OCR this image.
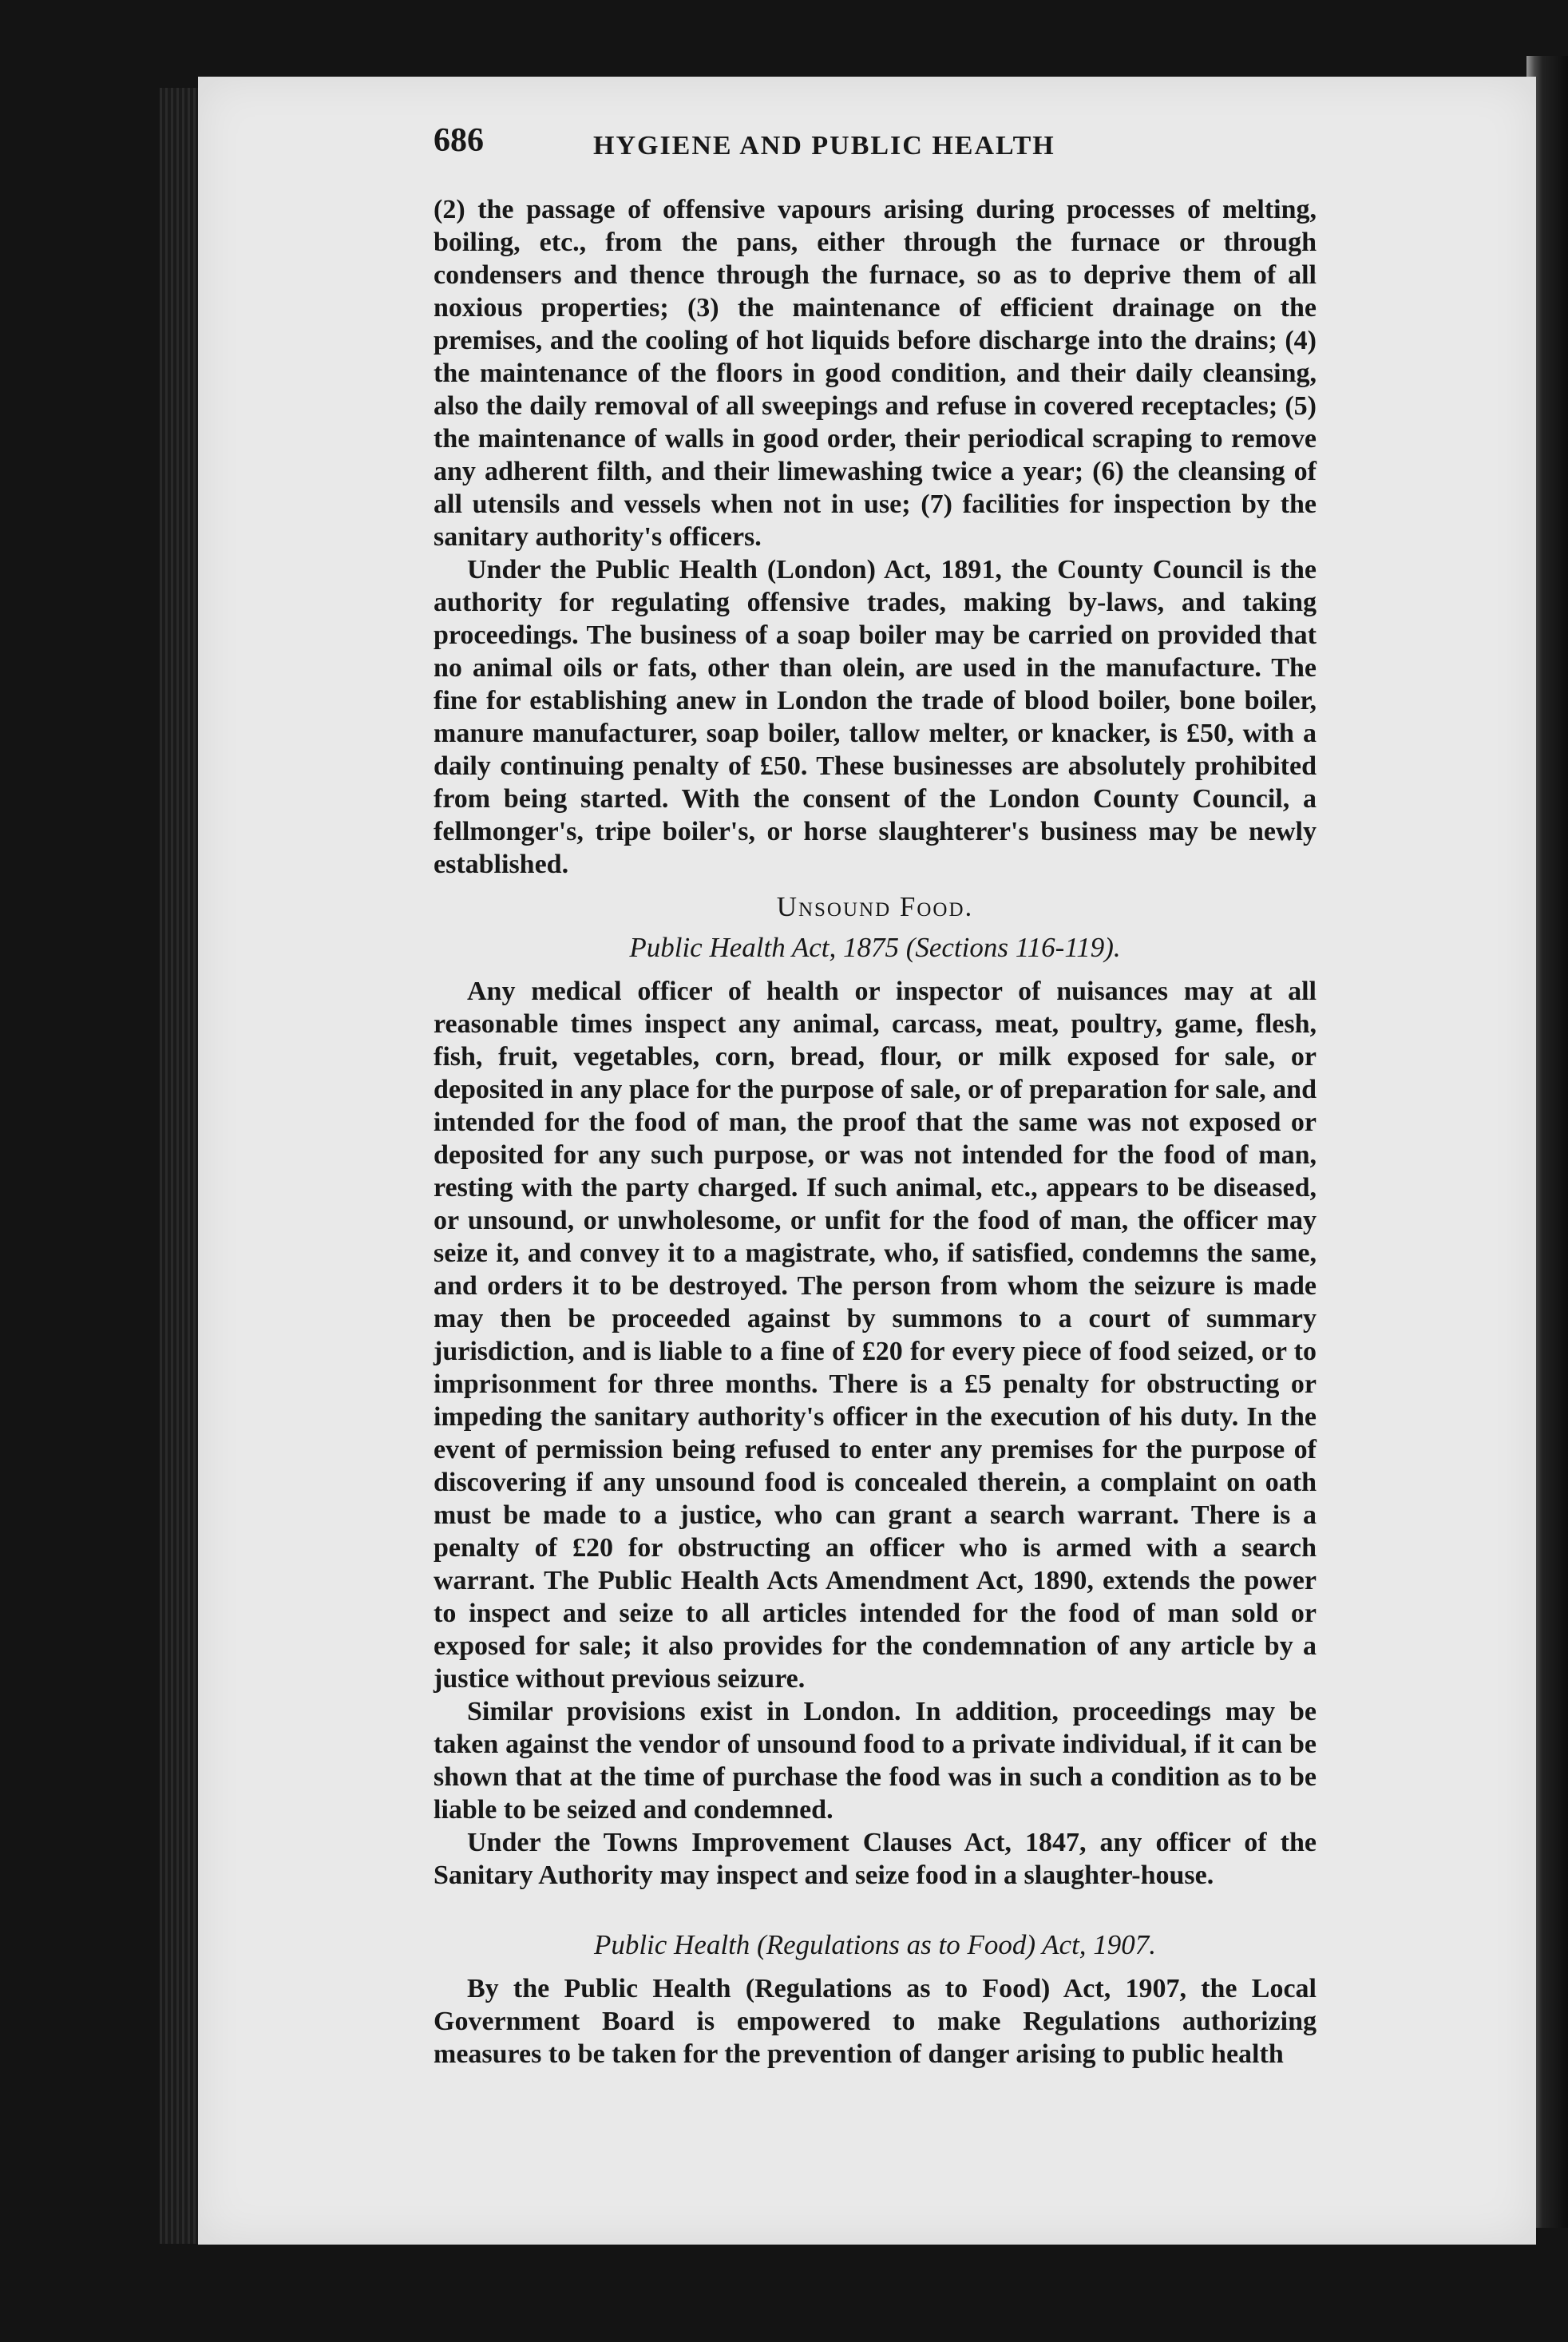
686	HYGIENE AND PUBLIC HEALTH

(2) the passage of offensive vapours arising during processes of melting, boiling, etc., from the pans, either through the furnace or through condensers and thence through the furnace, so as to deprive them of all noxious properties; (3) the maintenance of efficient drainage on the premises, and the cooling of hot liquids before discharge into the drains; (4) the maintenance of the floors in good condition, and their daily cleansing, also the daily removal of all sweepings and refuse in covered receptacles; (5) the maintenance of walls in good order, their periodical scraping to remove any adherent filth, and their limewashing twice a year; (6) the cleansing of all utensils and vessels when not in use; (7) facilities for inspection by the sanitary authority's officers.

Under the Public Health (London) Act, 1891, the County Council is the authority for regulating offensive trades, making by-laws, and taking proceedings. The business of a soap boiler may be carried on provided that no animal oils or fats, other than olein, are used in the manufacture. The fine for establishing anew in London the trade of blood boiler, bone boiler, manure manufacturer, soap boiler, tallow melter, or knacker, is £50, with a daily continuing penalty of £50. These businesses are absolutely prohibited from being started. With the consent of the London County Council, a fellmonger's, tripe boiler's, or horse slaughterer's business may be newly established.

Unsound Food.
Public Health Act, 1875 (Sections 116-119).

Any medical officer of health or inspector of nuisances may at all reasonable times inspect any animal, carcass, meat, poultry, game, flesh, fish, fruit, vegetables, corn, bread, flour, or milk exposed for sale, or deposited in any place for the purpose of sale, or of preparation for sale, and intended for the food of man, the proof that the same was not exposed or deposited for any such purpose, or was not intended for the food of man, resting with the party charged. If such animal, etc., appears to be diseased, or unsound, or unwholesome, or unfit for the food of man, the officer may seize it, and convey it to a magistrate, who, if satisfied, condemns the same, and orders it to be destroyed. The person from whom the seizure is made may then be proceeded against by summons to a court of summary jurisdiction, and is liable to a fine of £20 for every piece of food seized, or to imprisonment for three months. There is a £5 penalty for obstructing or impeding the sanitary authority's officer in the execution of his duty. In the event of permission being refused to enter any premises for the purpose of discovering if any unsound food is concealed therein, a complaint on oath must be made to a justice, who can grant a search warrant. There is a penalty of £20 for obstructing an officer who is armed with a search warrant. The Public Health Acts Amendment Act, 1890, extends the power to inspect and seize to all articles intended for the food of man sold or exposed for sale; it also provides for the condemnation of any article by a justice without previous seizure.

Similar provisions exist in London. In addition, proceedings may be taken against the vendor of unsound food to a private individual, if it can be shown that at the time of purchase the food was in such a condition as to be liable to be seized and condemned.

Under the Towns Improvement Clauses Act, 1847, any officer of the Sanitary Authority may inspect and seize food in a slaughter-house.

Public Health (Regulations as to Food) Act, 1907.

By the Public Health (Regulations as to Food) Act, 1907, the Local Government Board is empowered to make Regulations authorizing measures to be taken for the prevention of danger arising to public health
